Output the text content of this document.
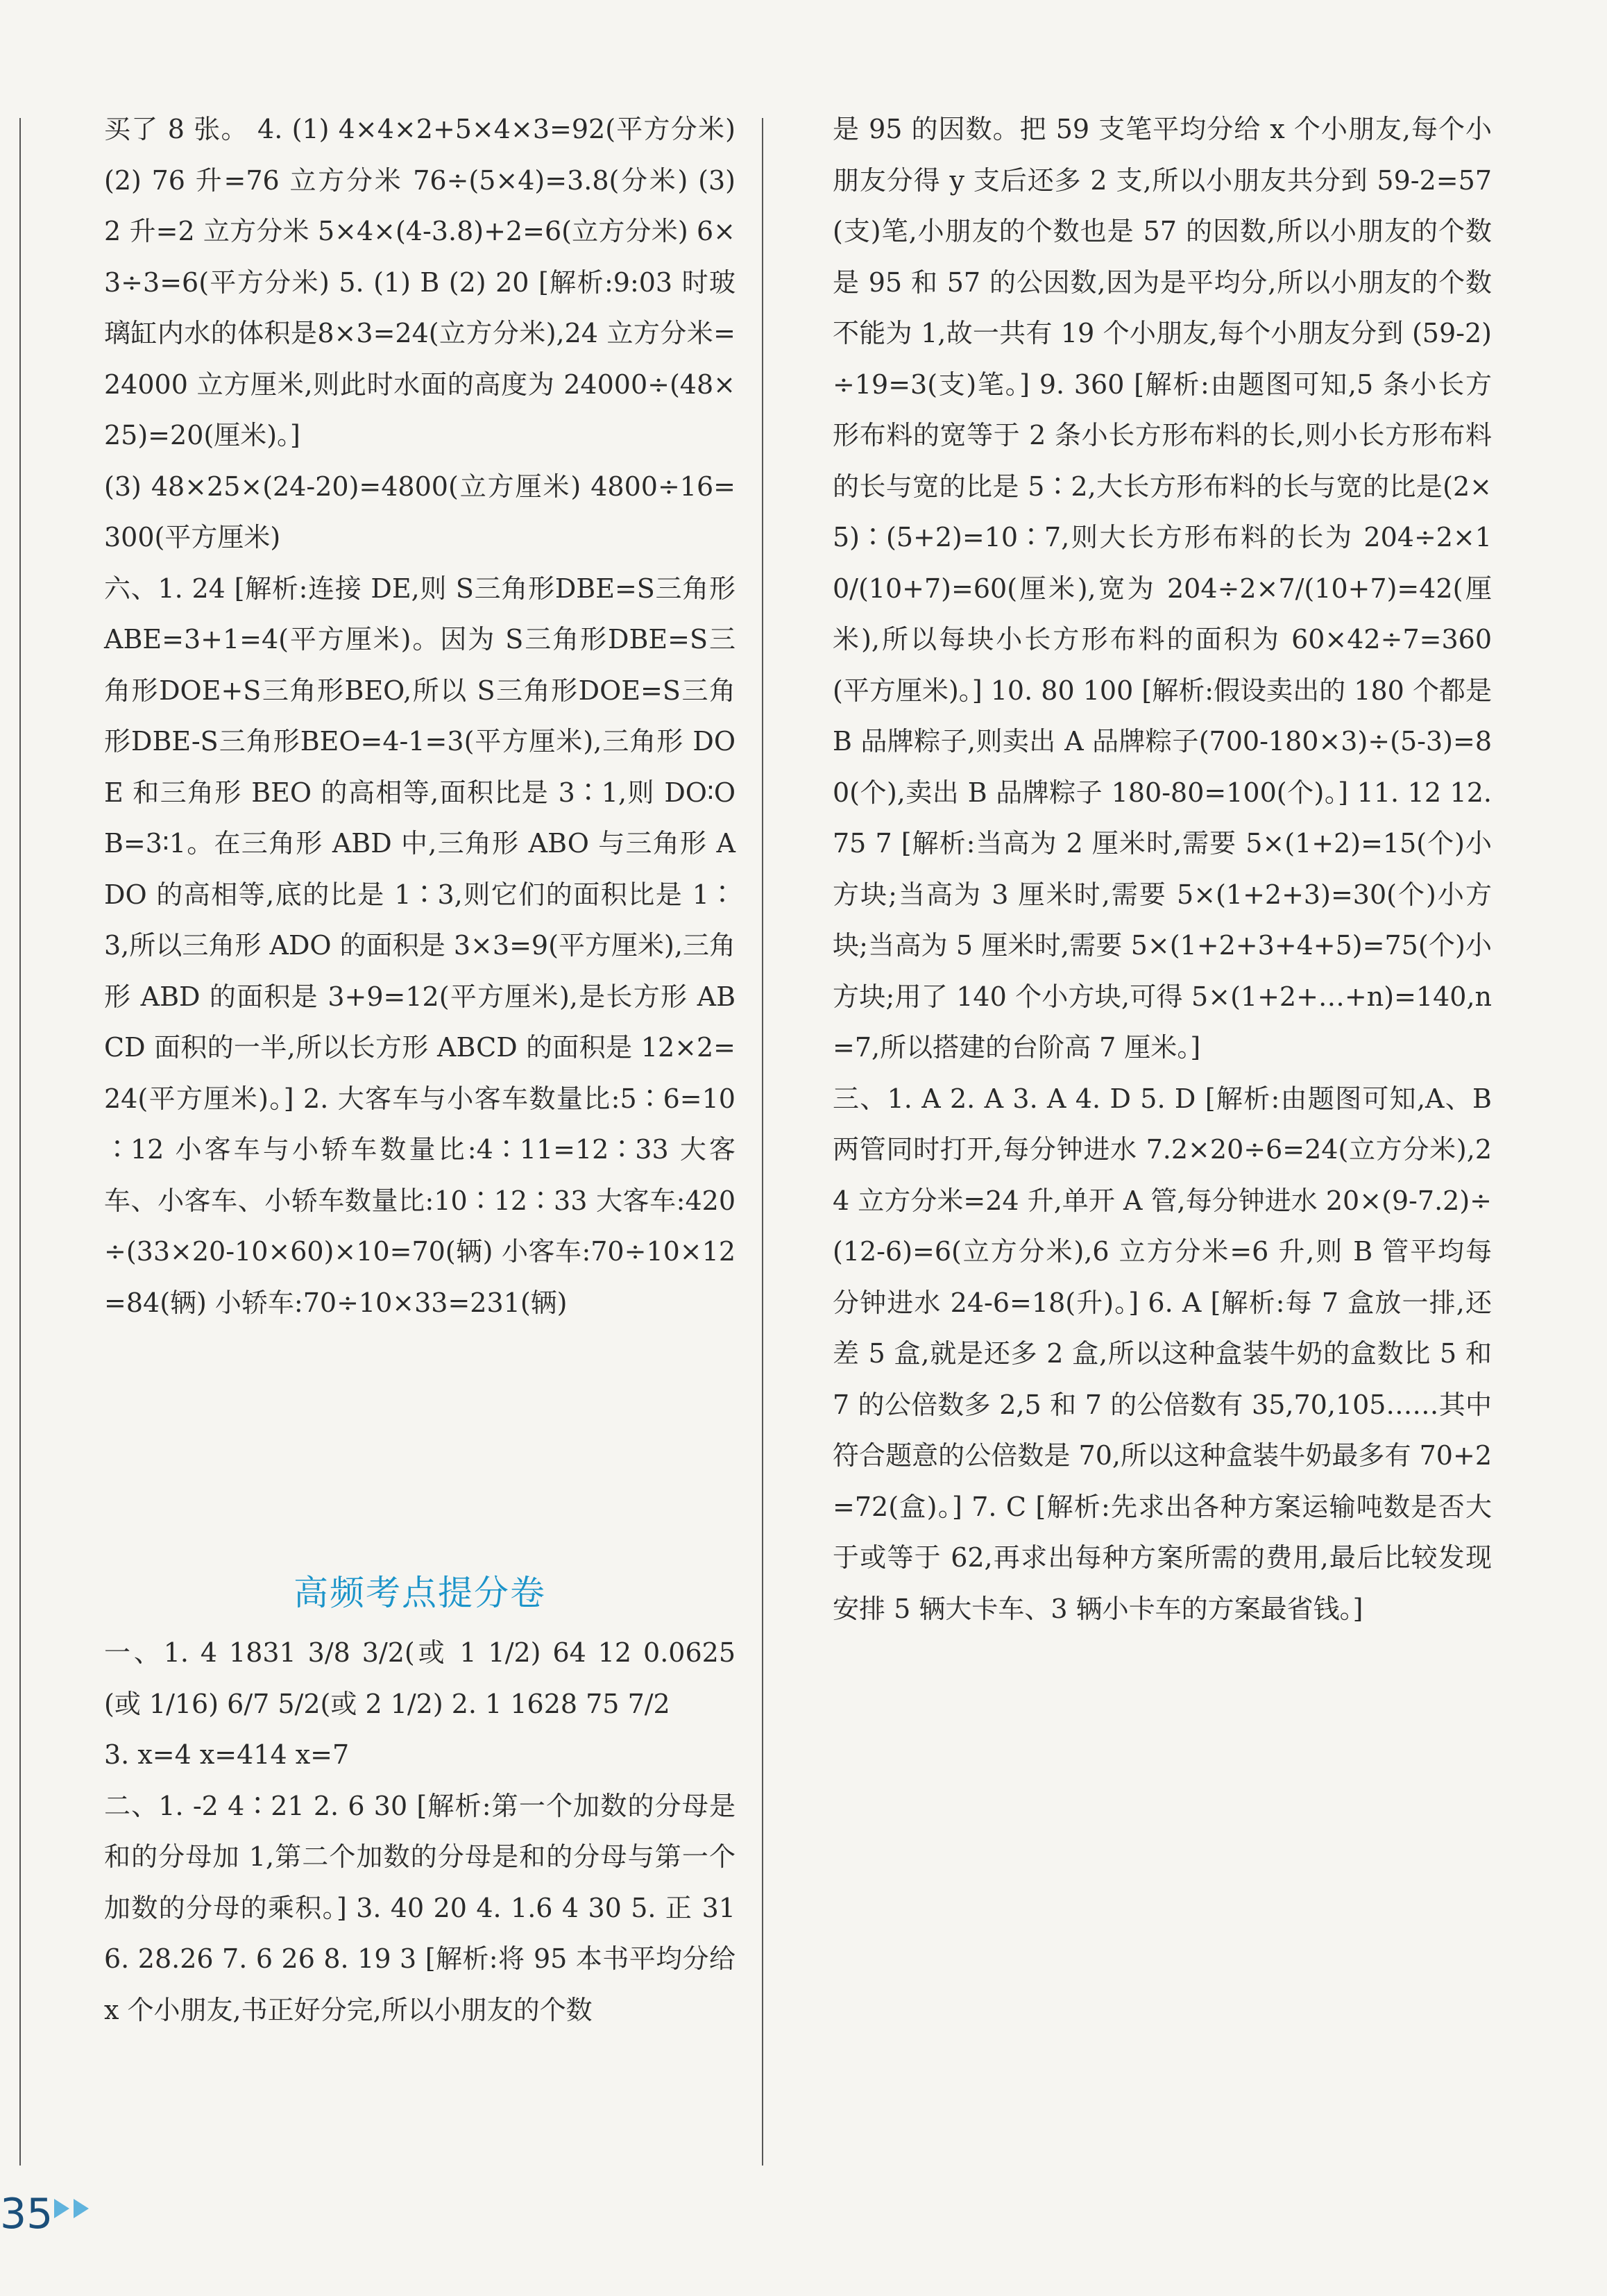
买了 8 张。 4. (1) 4×4×2+5×4×3=92(平方分米) (2) 76 升=76 立方分米 76÷(5×4)=3.8(分米) (3) 2 升=2 立方分米 5×4×(4-3.8)+2=6(立方分米) 6×3÷3=6(平方分米) 5. (1) B (2) 20 [解析:9:03 时玻璃缸内水的体积是8×3=24(立方分米),24 立方分米=24000 立方厘米,则此时水面的高度为 24000÷(48×25)=20(厘米)。]

(3) 48×25×(24-20)=4800(立方厘米) 4800÷16=300(平方厘米)

六、1. 24 [解析:连接 DE,则 S三角形DBE=S三角形ABE=3+1=4(平方厘米)。因为 S三角形DBE=S三角形DOE+S三角形BEO,所以 S三角形DOE=S三角形DBE-S三角形BEO=4-1=3(平方厘米),三角形 DOE 和三角形 BEO 的高相等,面积比是 3∶1,则 DO∶OB=3∶1。在三角形 ABD 中,三角形 ABO 与三角形 ADO 的高相等,底的比是 1∶3,则它们的面积比是 1∶3,所以三角形 ADO 的面积是 3×3=9(平方厘米),三角形 ABD 的面积是 3+9=12(平方厘米),是长方形 ABCD 面积的一半,所以长方形 ABCD 的面积是 12×2=24(平方厘米)。] 2. 大客车与小客车数量比:5∶6=10∶12 小客车与小轿车数量比:4∶11=12∶33 大客车、小客车、小轿车数量比:10∶12∶33 大客车:420÷(33×20-10×60)×10=70(辆) 小客车:70÷10×12=84(辆) 小轿车:70÷10×33=231(辆)

高频考点提分卷

一、1. 4 1831 3/8 3/2(或 1 1/2) 64 12 0.0625 (或 1/16) 6/7 5/2(或 2 1/2) 2. 1 1628 75 7/2

3. x=4 x=414 x=7

二、1. -2 4∶21 2. 6 30 [解析:第一个加数的分母是和的分母加 1,第二个加数的分母是和的分母与第一个加数的分母的乘积。] 3. 40 20 4. 1.6 4 30 5. 正 31 6. 28.26 7. 6 26 8. 19 3 [解析:将 95 本书平均分给 x 个小朋友,书正好分完,所以小朋友的个数

是 95 的因数。把 59 支笔平均分给 x 个小朋友,每个小朋友分得 y 支后还多 2 支,所以小朋友共分到 59-2=57(支)笔,小朋友的个数也是 57 的因数,所以小朋友的个数是 95 和 57 的公因数,因为是平均分,所以小朋友的个数不能为 1,故一共有 19 个小朋友,每个小朋友分到 (59-2)÷19=3(支)笔。] 9. 360 [解析:由题图可知,5 条小长方形布料的宽等于 2 条小长方形布料的长,则小长方形布料的长与宽的比是 5∶2,大长方形布料的长与宽的比是(2×5)∶(5+2)=10∶7,则大长方形布料的长为 204÷2×10/(10+7)=60(厘米),宽为 204÷2×7/(10+7)=42(厘米),所以每块小长方形布料的面积为 60×42÷7=360(平方厘米)。] 10. 80 100 [解析:假设卖出的 180 个都是 B 品牌粽子,则卖出 A 品牌粽子(700-180×3)÷(5-3)=80(个),卖出 B 品牌粽子 180-80=100(个)。] 11. 12 12. 75 7 [解析:当高为 2 厘米时,需要 5×(1+2)=15(个)小方块;当高为 3 厘米时,需要 5×(1+2+3)=30(个)小方块;当高为 5 厘米时,需要 5×(1+2+3+4+5)=75(个)小方块;用了 140 个小方块,可得 5×(1+2+…+n)=140,n=7,所以搭建的台阶高 7 厘米。]

三、1. A 2. A 3. A 4. D 5. D [解析:由题图可知,A、B 两管同时打开,每分钟进水 7.2×20÷6=24(立方分米),24 立方分米=24 升,单开 A 管,每分钟进水 20×(9-7.2)÷(12-6)=6(立方分米),6 立方分米=6 升,则 B 管平均每分钟进水 24-6=18(升)。] 6. A [解析:每 7 盒放一排,还差 5 盒,就是还多 2 盒,所以这种盒装牛奶的盒数比 5 和 7 的公倍数多 2,5 和 7 的公倍数有 35,70,105……其中符合题意的公倍数是 70,所以这种盒装牛奶最多有 70+2=72(盒)。] 7. C [解析:先求出各种方案运输吨数是否大于或等于 62,再求出每种方案所需的费用,最后比较发现安排 5 辆大卡车、3 辆小卡车的方案最省钱。]

35
